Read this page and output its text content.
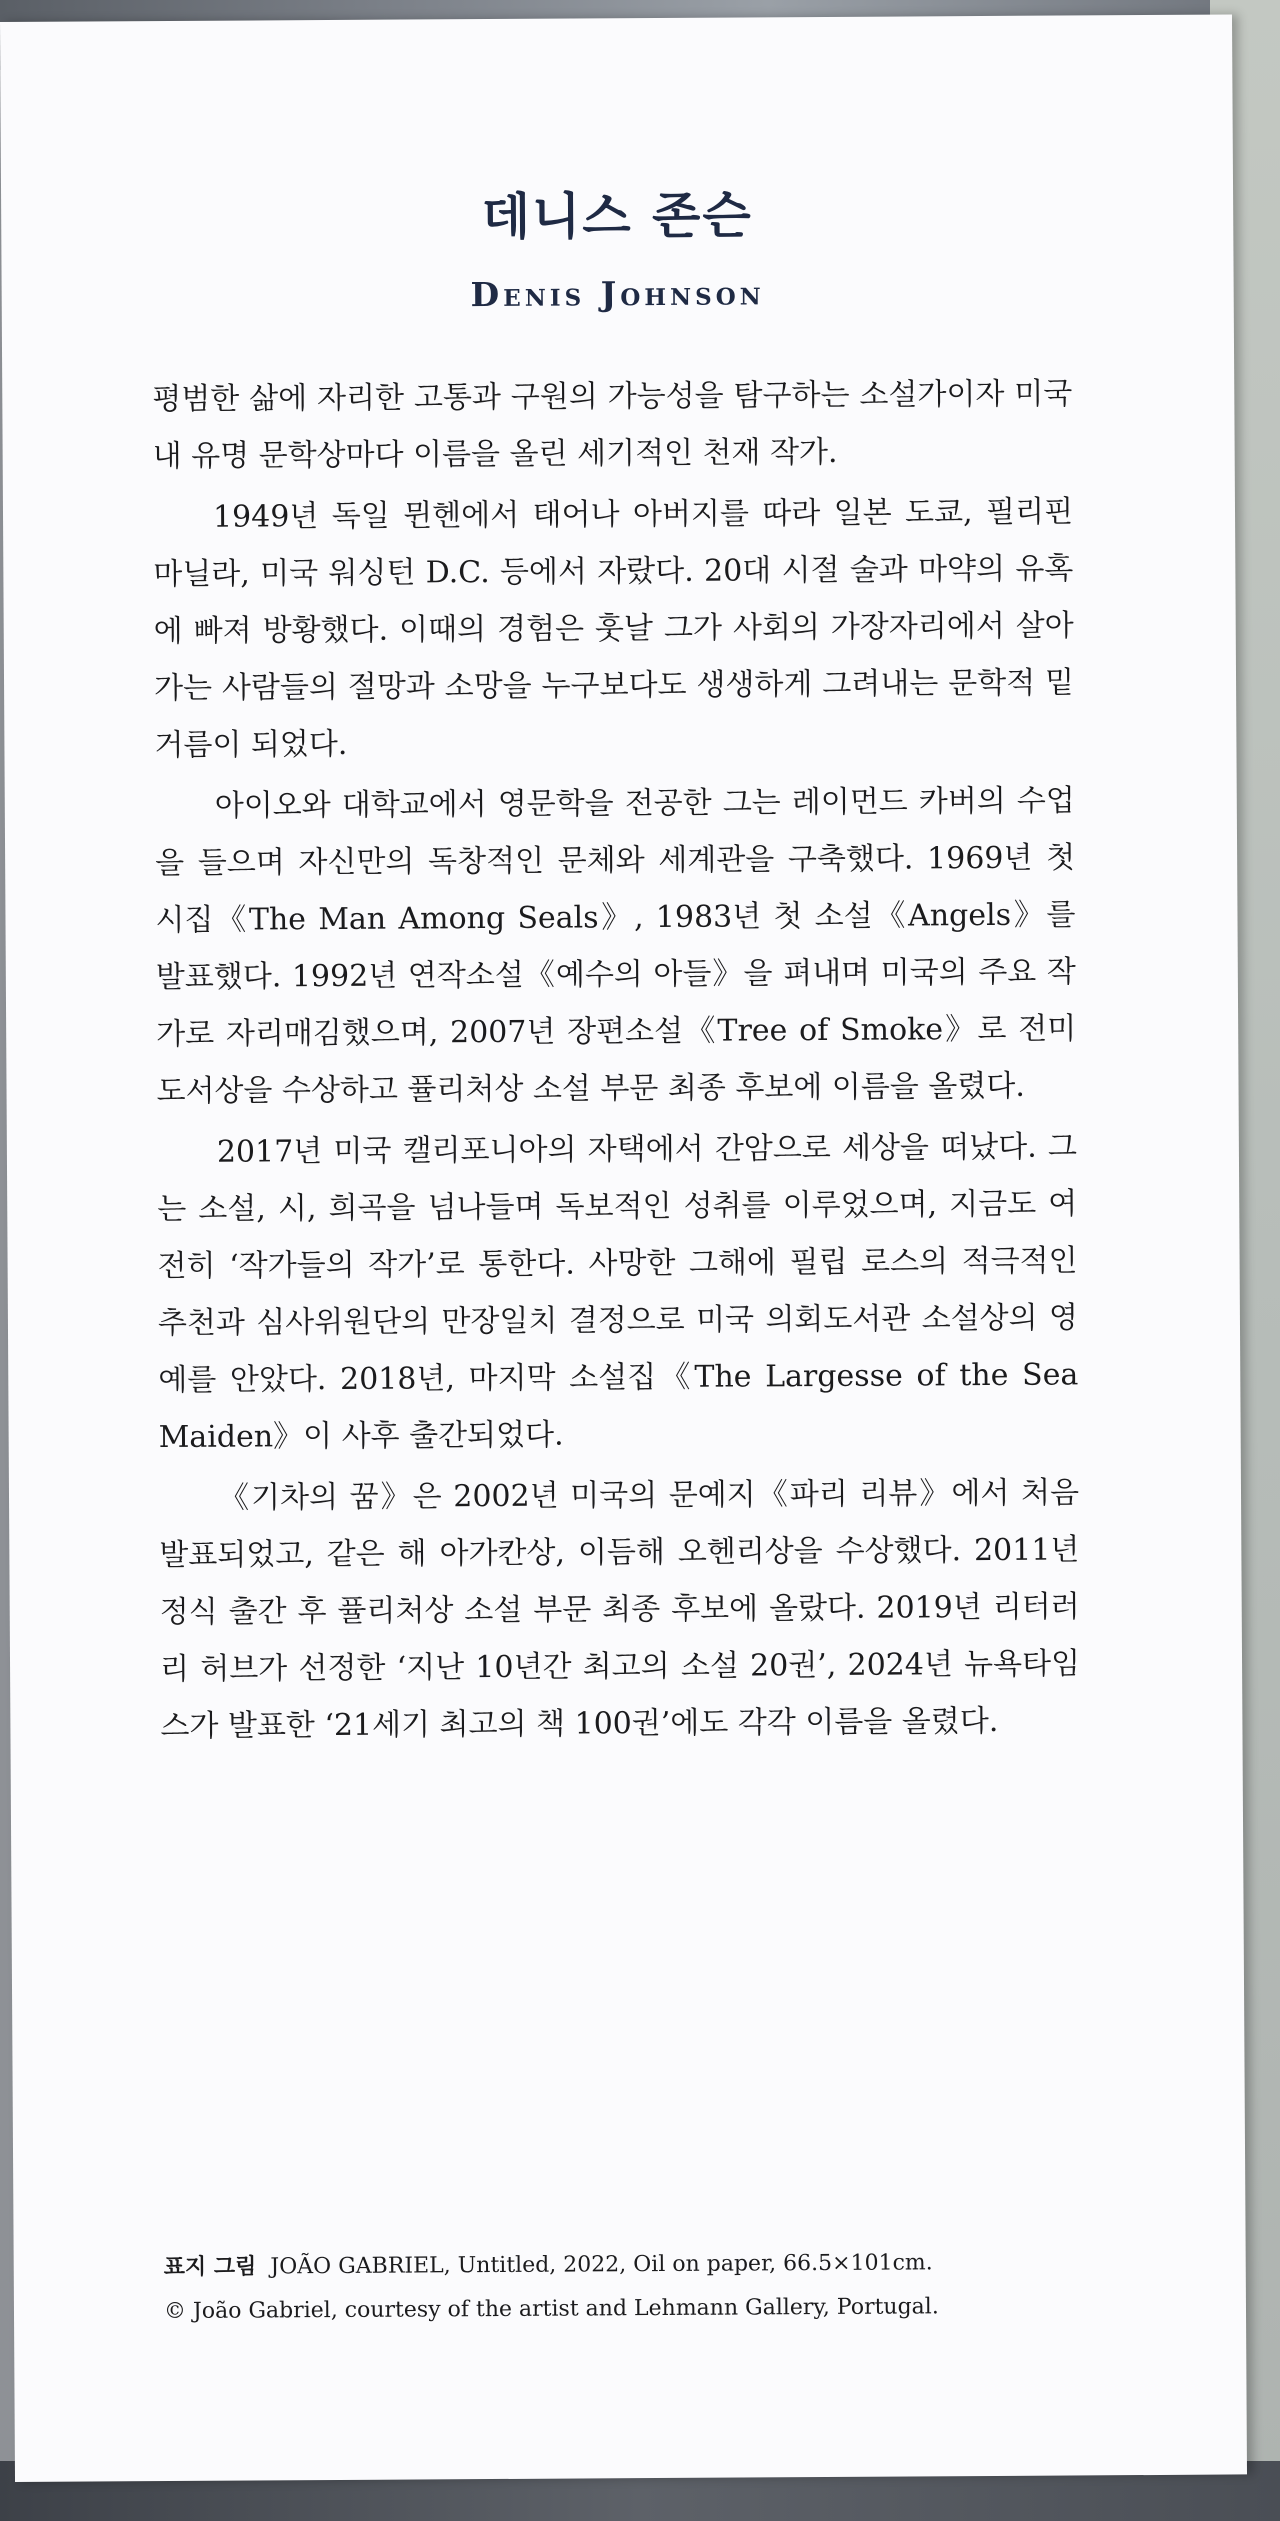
데니스 존슨
Denis Johnson

평범한 삶에 자리한 고통과 구원의 가능성을 탐구하는 소설가이자 미국 내 유명 문학상마다 이름을 올린 세기적인 천재 작가.

1949년 독일 뮌헨에서 태어나 아버지를 따라 일본 도쿄, 필리핀 마닐라, 미국 워싱턴 D.C. 등에서 자랐다. 20대 시절 술과 마약의 유혹에 빠져 방황했다. 이때의 경험은 훗날 그가 사회의 가장자리에서 살아가는 사람들의 절망과 소망을 누구보다도 생생하게 그려내는 문학적 밑거름이 되었다.

아이오와 대학교에서 영문학을 전공한 그는 레이먼드 카버의 수업을 들으며 자신만의 독창적인 문체와 세계관을 구축했다. 1969년 첫 시집《The Man Among Seals》, 1983년 첫 소설《Angels》를 발표했다. 1992년 연작소설《예수의 아들》을 펴내며 미국의 주요 작가로 자리매김했으며, 2007년 장편소설《Tree of Smoke》로 전미도서상을 수상하고 퓰리처상 소설 부문 최종 후보에 이름을 올렸다.

2017년 미국 캘리포니아의 자택에서 간암으로 세상을 떠났다. 그는 소설, 시, 희곡을 넘나들며 독보적인 성취를 이루었으며, 지금도 여전히 ‘작가들의 작가’로 통한다. 사망한 그해에 필립 로스의 적극적인 추천과 심사위원단의 만장일치 결정으로 미국 의회도서관 소설상의 영예를 안았다. 2018년, 마지막 소설집《The Largesse of the Sea Maiden》이 사후 출간되었다.

《기차의 꿈》은 2002년 미국의 문예지《파리 리뷰》에서 처음 발표되었고, 같은 해 아가칸상, 이듬해 오헨리상을 수상했다. 2011년 정식 출간 후 퓰리처상 소설 부문 최종 후보에 올랐다. 2019년 리터러리 허브가 선정한 ‘지난 10년간 최고의 소설 20권’, 2024년 뉴욕타임스가 발표한 ‘21세기 최고의 책 100권’에도 각각 이름을 올렸다.

표지 그림 JOÃO GABRIEL, Untitled, 2022, Oil on paper, 66.5×101cm.
© João Gabriel, courtesy of the artist and Lehmann Gallery, Portugal.
